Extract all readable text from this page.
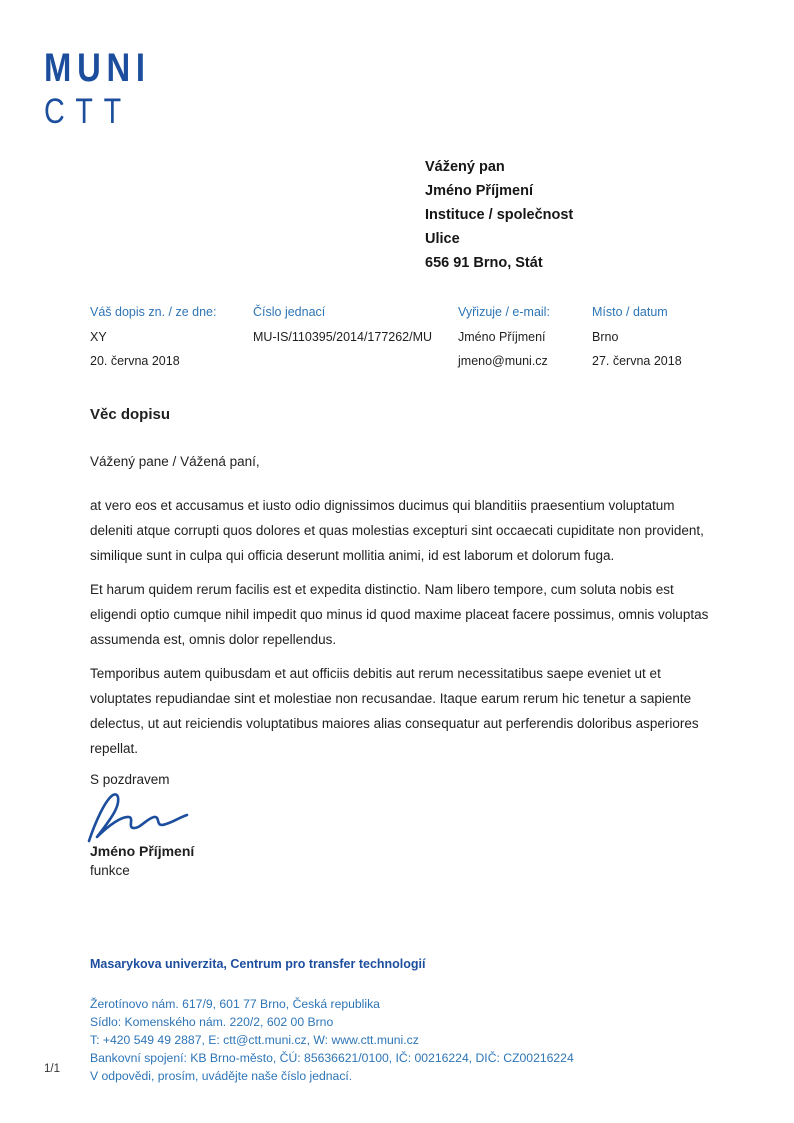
MUNI
CTT
Vážený pan
Jméno Příjmení
Instituce / společnost
Ulice
656 91 Brno, Stát
Váš dopis zn. / ze dne:
XY
20. června 2018
Číslo jednací
MU-IS/110395/2014/177262/MU
Vyřizuje / e-mail:
Jméno Příjmení
jmeno@muni.cz
Místo / datum
Brno
27. června 2018
Věc dopisu
Vážený pane / Vážená paní,

at vero eos et accusamus et iusto odio dignissimos ducimus qui blanditiis praesentium voluptatum deleniti atque corrupti quos dolores et quas molestias excepturi sint occaecati cupiditate non provident, similique sunt in culpa qui officia deserunt mollitia animi, id est laborum et dolorum fuga.

Et harum quidem rerum facilis est et expedita distinctio. Nam libero tempore, cum soluta nobis est eligendi optio cumque nihil impedit quo minus id quod maxime placeat facere possimus, omnis voluptas assumenda est, omnis dolor repellendus.

Temporibus autem quibusdam et aut officiis debitis aut rerum necessitatibus saepe eveniet ut et voluptates repudiandae sint et molestiae non recusandae. Itaque earum rerum hic tenetur a sapiente delectus, ut aut reiciendis voluptatibus maiores alias consequatur aut perferendis doloribus asperiores repellat.

S pozdravem
Jméno Příjmení
funkce
Masarykova univerzita, Centrum pro transfer technologií
Žerotínovo nám. 617/9, 601 77 Brno, Česká republika
Sídlo: Komenského nám. 220/2, 602 00 Brno
T: +420 549 49 2887, E: ctt@ctt.muni.cz, W: www.ctt.muni.cz
Bankovní spojení: KB Brno-město, ČÚ: 85636621/0100, IČ: 00216224, DIČ: CZ00216224
V odpovědi, prosím, uvádějte naše číslo jednací.
1/1
